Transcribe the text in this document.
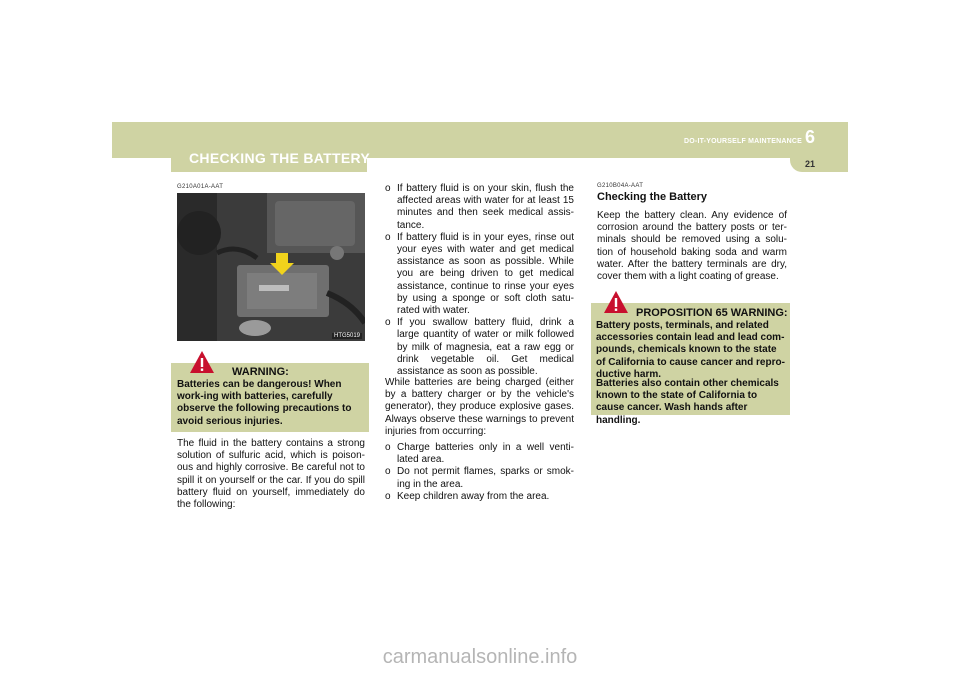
CHECKING THE BATTERY
DO-IT-YOURSELF MAINTENANCE 6
21
G210A01A-AAT
HTG5019
WARNING:
Batteries can be dangerous! When work-ing with batteries, carefully observe the following precautions to avoid serious injuries.
The fluid in the battery contains a strong solution of sulfuric acid, which is poison-ous and highly corrosive. Be careful not to spill it on yourself or the car. If you do spill battery fluid on yourself, immediately do the following:
o If battery fluid is on your skin, flush the affected areas with water for at least 15 minutes and then seek medical assis-tance.
o If battery fluid is in your eyes, rinse out your eyes with water and get medical assistance as soon as possible. While you are being driven to get medical assistance, continue to rinse your eyes by using a sponge or soft cloth satu-rated with water.
o If you swallow battery fluid, drink a large quantity of water or milk followed by milk of magnesia, eat a raw egg or drink vegetable oil. Get medical assistance as soon as possible.
While batteries are being charged (either by a battery charger or by the vehicle's generator), they produce explosive gases. Always observe these warnings to prevent injuries from occurring:
o Charge batteries only in a well venti-lated area.
o Do not permit flames, sparks or smok-ing in the area.
o Keep children away from the area.
G210B04A-AAT
Checking the Battery
Keep the battery clean. Any evidence of corrosion around the battery posts or ter-minals should be removed using a solu-tion of household baking soda and warm water. After the battery terminals are dry, cover them with a light coating of grease.
PROPOSITION 65 WARNING:
Battery posts, terminals, and related accessories contain lead and lead com-pounds, chemicals known to the state of California to cause cancer and repro-ductive harm.
Batteries also contain other chemicals known to the state of California to cause cancer. Wash hands after handling.
carmanualsonline.info
